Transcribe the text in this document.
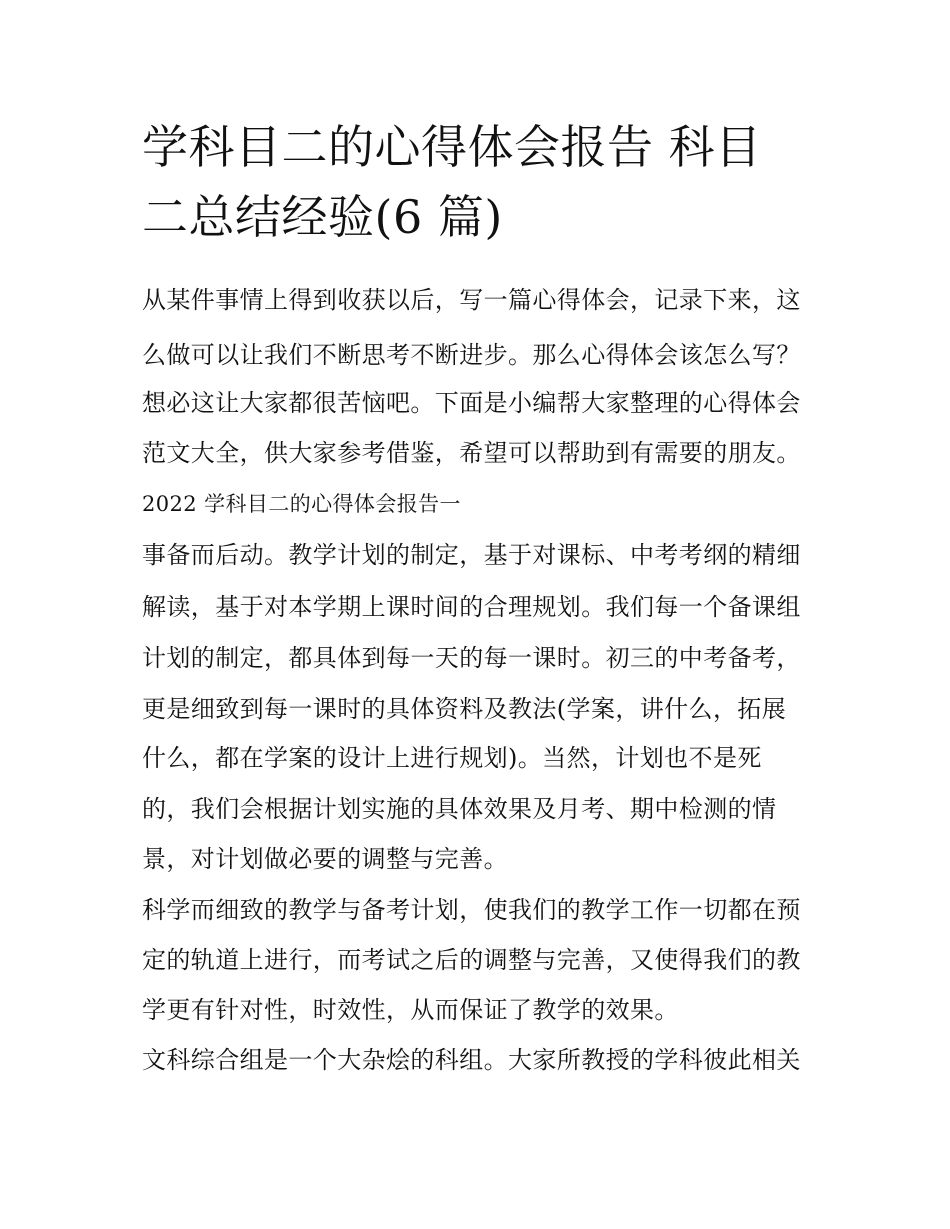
学科目二的心得体会报告 科目
二总结经验(6 篇)
从某件事情上得到收获以后，写一篇心得体会，记录下来，这
么做可以让我们不断思考不断进步。那么心得体会该怎么写？
想必这让大家都很苦恼吧。下面是小编帮大家整理的心得体会
范文大全，供大家参考借鉴，希望可以帮助到有需要的朋友。
2022 学科目二的心得体会报告一
事备而后动。教学计划的制定，基于对课标、中考考纲的精细
解读，基于对本学期上课时间的合理规划。我们每一个备课组
计划的制定，都具体到每一天的每一课时。初三的中考备考，
更是细致到每一课时的具体资料及教法(学案，讲什么，拓展
什么，都在学案的设计上进行规划)。当然，计划也不是死
的，我们会根据计划实施的具体效果及月考、期中检测的情
景，对计划做必要的调整与完善。
科学而细致的教学与备考计划，使我们的教学工作一切都在预
定的轨道上进行，而考试之后的调整与完善，又使得我们的教
学更有针对性，时效性，从而保证了教学的效果。
文科综合组是一个大杂烩的科组。大家所教授的学科彼此相关
